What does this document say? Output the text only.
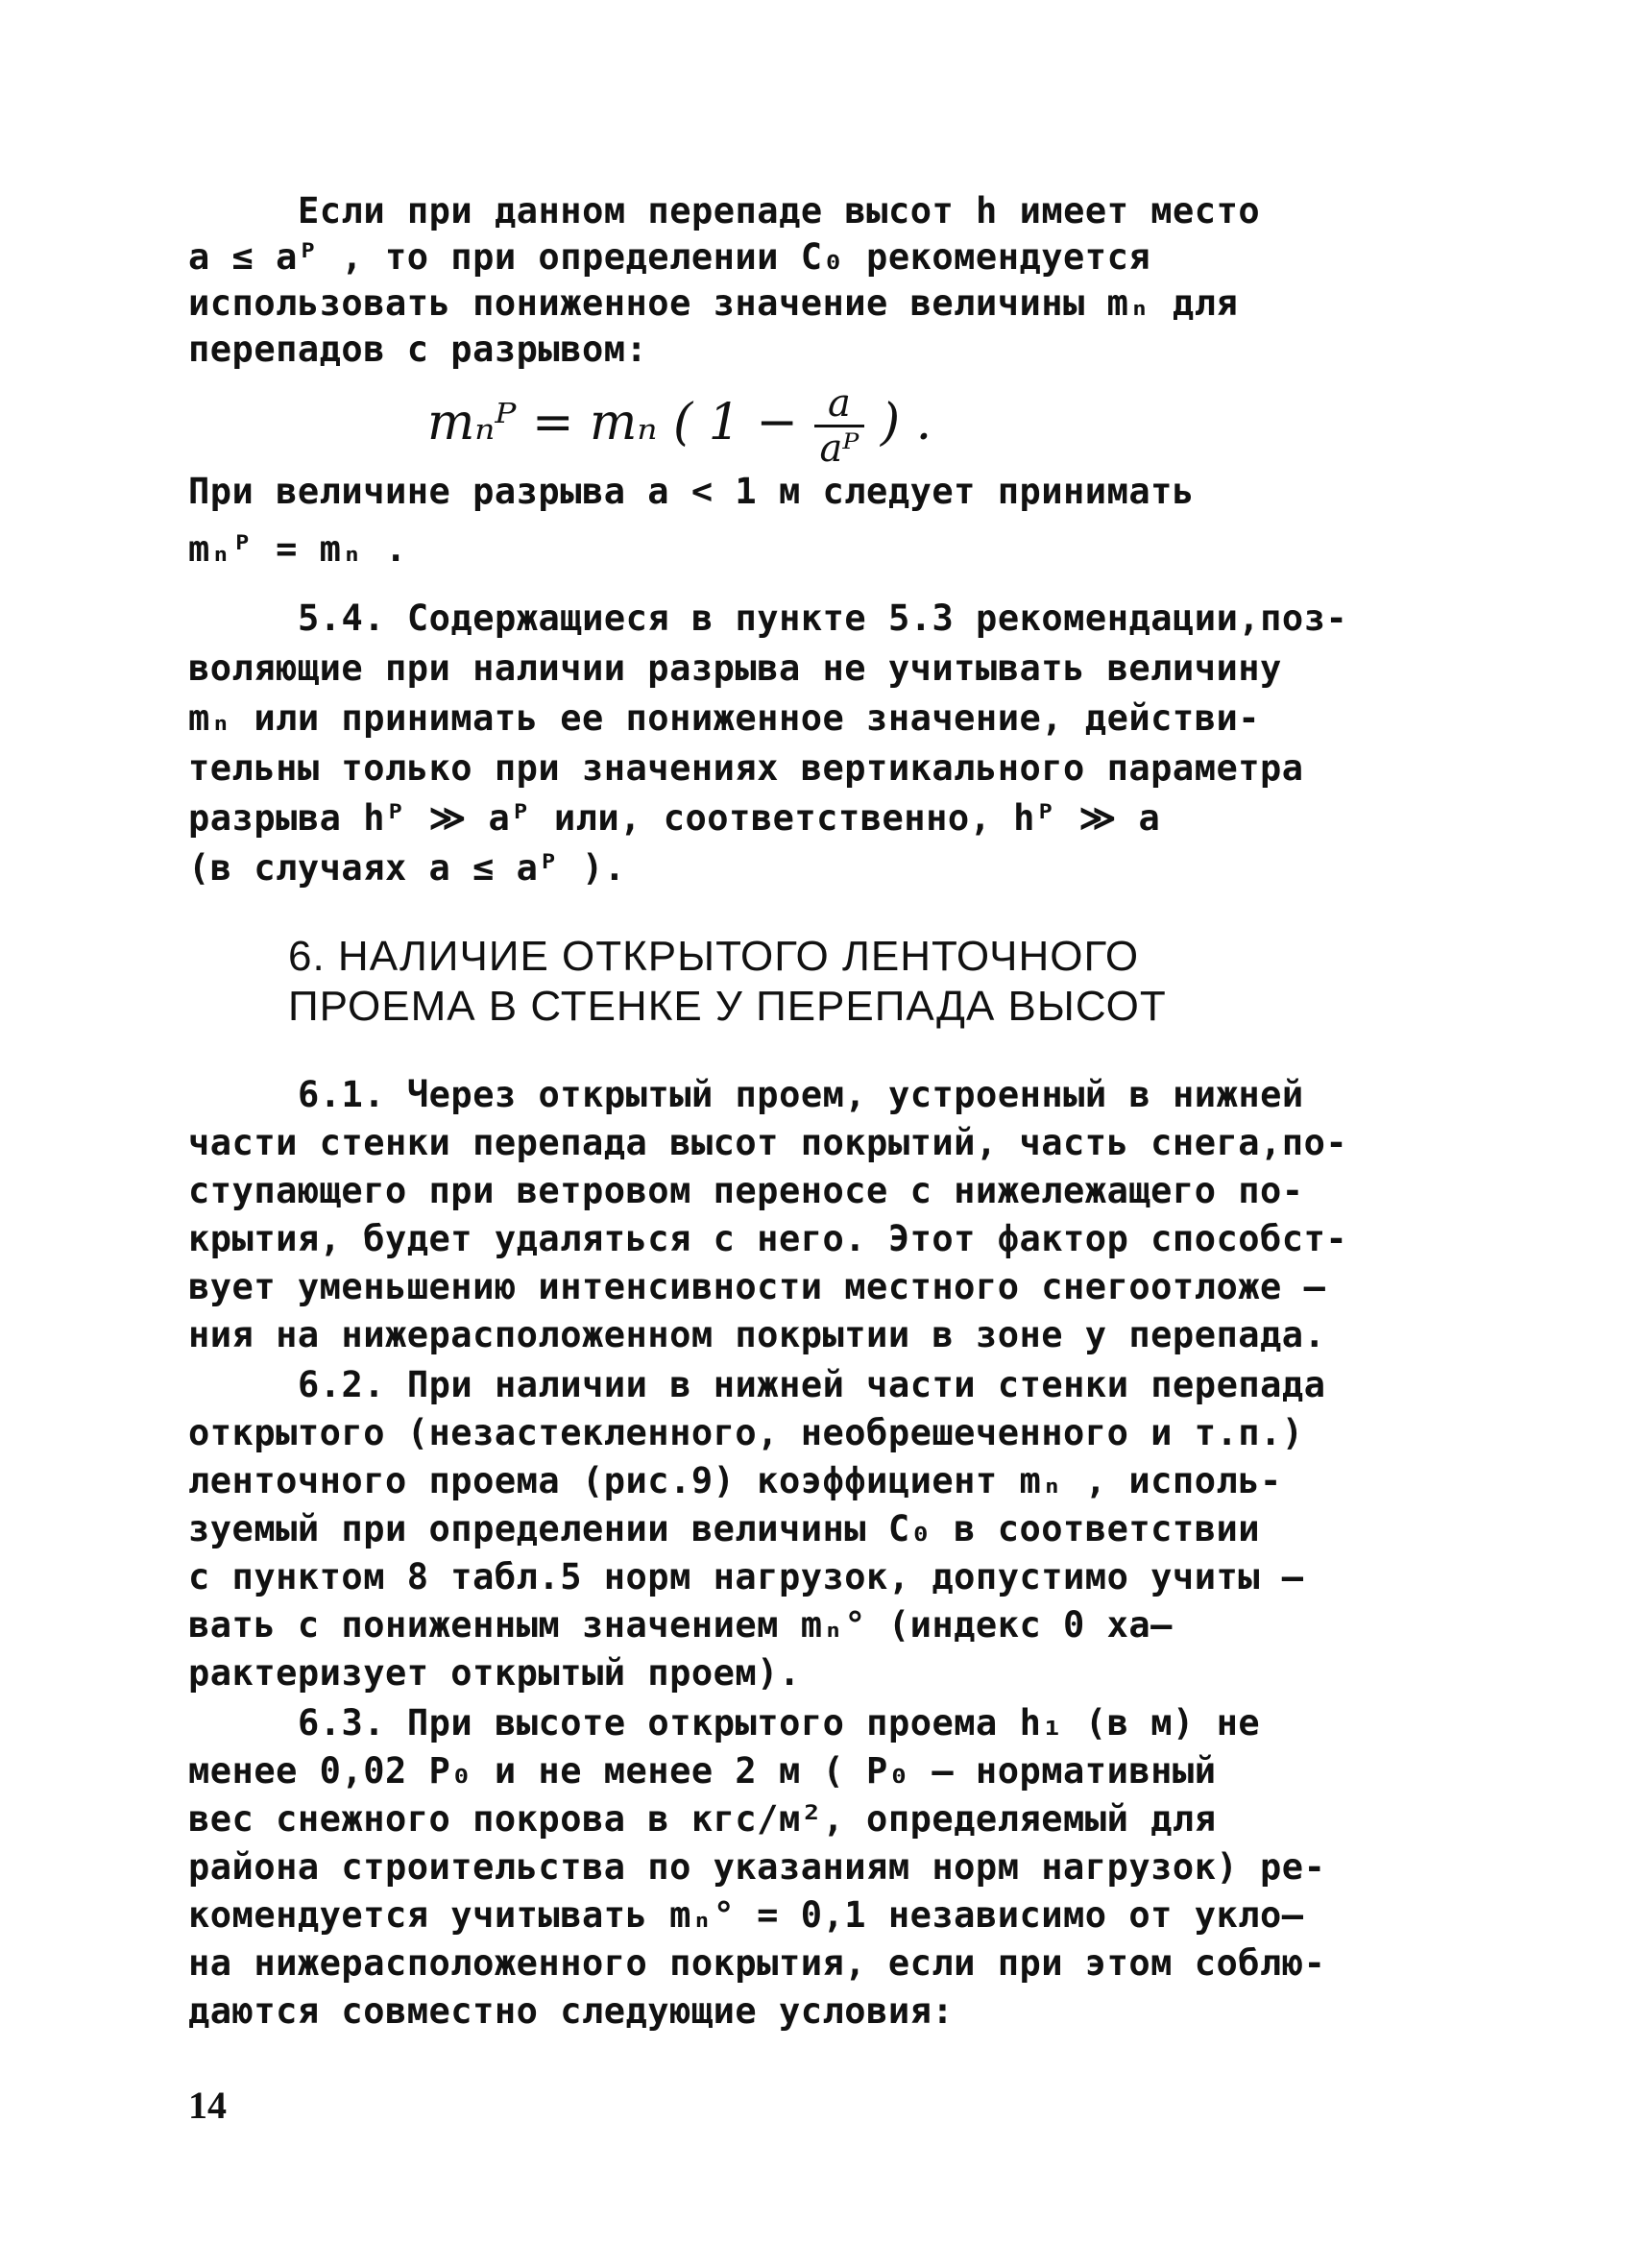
Если при данном перепаде высот h имеет место
a ≤ aᴾ , то при определении C₀ рекомендуется
использовать пониженное значение величины mₙ для
перепадов с разрывом:
mₙᴾ = mₙ ( $1 - \frac{a}{\text{aᴾ}}$ ) .
При величине разрыва a < 1 м следует принимать
mₙᴾ = mₙ .
5.4. Содержащиеся в пункте 5.3 рекомендации,поз-
воляющие при наличии разрыва не учитывать величину
mₙ или принимать ее пониженное значение, действи-
тельны только при значениях вертикального параметра
разрыва hᴾ ≫ aᴾ или, соответственно, hᴾ ≫ a
(в случаях a ≤ aᴾ ).
6. НАЛИЧИЕ ОТКРЫТОГО ЛЕНТОЧНОГО
ПРОЕМА В СТЕНКЕ У ПЕРЕПАДА ВЫСОТ
6.1. Через открытый проем, устроенный в нижней
части стенки перепада высот покрытий, часть снега,по-
ступающего при ветровом переносе с нижележащего по-
крытия, будет удаляться с него. Этот фактор способст-
вует уменьшению интенсивности местного снегоотложе –
ния на нижерасположенном покрытии в зоне у перепада.
6.2. При наличии в нижней части стенки перепада
открытого (незастекленного, необрешеченного и т.п.)
ленточного проема (рис.9) коэффициент mₙ , исполь-
зуемый при определении величины C₀ в соответствии
с пунктом 8 табл.5 норм нагрузок, допустимо учиты –
вать с пониженным значением mₙ° (индекс 0 ха–
рактеризует открытый проем).
6.3. При высоте открытого проема h₁ (в м) не
менее 0,02 P₀ и не менее 2 м ( P₀ – нормативный
вес снежного покрова в кгс/м², определяемый для
района строительства по указаниям норм нагрузок) ре-
комендуется учитывать mₙ° = 0,1 независимо от укло–
на нижерасположенного покрытия, если при этом соблю-
даются совместно следующие условия:
14
